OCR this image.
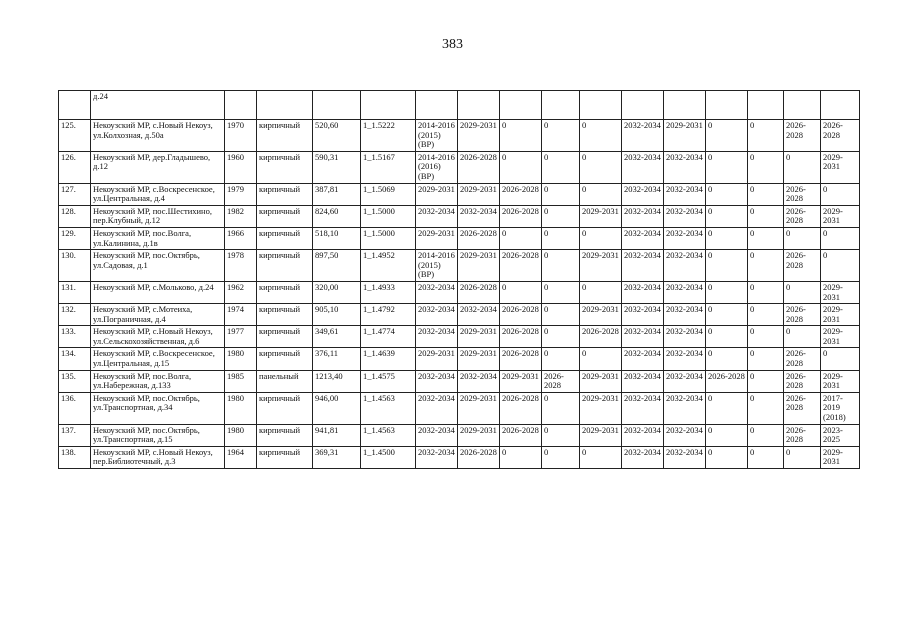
383
	д.24															
125.	Некоузский МР, с.Новый Некоуз, ул.Колхозная, д.50а	1970	кирпичный	520,60	1_1.5222	2014-2016 (2015) (ВР)	2029-2031	0	0	0	2032-2034	2029-2031	0	0	2026-2028	2026-2028
126.	Некоузский МР, дер.Гладышево, д.12	1960	кирпичный	590,31	1_1.5167	2014-2016 (2016) (ВР)	2026-2028	0	0	0	2032-2034	2032-2034	0	0	0	2029-2031
127.	Некоузский МР, с.Воскресенское, ул.Центральная, д.4	1979	кирпичный	387,81	1_1.5069	2029-2031	2029-2031	2026-2028	0	0	2032-2034	2032-2034	0	0	2026-2028	0
128.	Некоузский МР, пос.Шестихино, пер.Клубный, д.12	1982	кирпичный	824,60	1_1.5000	2032-2034	2032-2034	2026-2028	0	2029-2031	2032-2034	2032-2034	0	0	2026-2028	2029-2031
129.	Некоузский МР, пос.Волга, ул.Калинина, д.1в	1966	кирпичный	518,10	1_1.5000	2029-2031	2026-2028	0	0	0	2032-2034	2032-2034	0	0	0	0
130.	Некоузский МР, пос.Октябрь, ул.Садовая, д.1	1978	кирпичный	897,50	1_1.4952	2014-2016 (2015) (ВР)	2029-2031	2026-2028	0	2029-2031	2032-2034	2032-2034	0	0	2026-2028	0
131.	Некоузский МР, с.Мольково, д.24	1962	кирпичный	320,00	1_1.4933	2032-2034	2026-2028	0	0	0	2032-2034	2032-2034	0	0	0	2029-2031
132.	Некоузский МР, с.Мотеиха, ул.Пограничная, д.4	1974	кирпичный	905,10	1_1.4792	2032-2034	2032-2034	2026-2028	0	2029-2031	2032-2034	2032-2034	0	0	2026-2028	2029-2031
133.	Некоузский МР, с.Новый Некоуз, ул.Сельскохозяйственная, д.6	1977	кирпичный	349,61	1_1.4774	2032-2034	2029-2031	2026-2028	0	2026-2028	2032-2034	2032-2034	0	0	0	2029-2031
134.	Некоузский МР, с.Воскресенское, ул.Центральная, д.15	1980	кирпичный	376,11	1_1.4639	2029-2031	2029-2031	2026-2028	0	0	2032-2034	2032-2034	0	0	2026-2028	0
135.	Некоузский МР, пос.Волга, ул.Набережная, д.133	1985	панельный	1213,40	1_1.4575	2032-2034	2032-2034	2029-2031	2026-2028	2029-2031	2032-2034	2032-2034	2026-2028	0	2026-2028	2029-2031
136.	Некоузский МР, пос.Октябрь, ул.Транспортная, д.34	1980	кирпичный	946,00	1_1.4563	2032-2034	2029-2031	2026-2028	0	2029-2031	2032-2034	2032-2034	0	0	2026-2028	2017-2019 (2018)
137.	Некоузский МР, пос.Октябрь, ул.Транспортная, д.15	1980	кирпичный	941,81	1_1.4563	2032-2034	2029-2031	2026-2028	0	2029-2031	2032-2034	2032-2034	0	0	2026-2028	2023-2025
138.	Некоузский МР, с.Новый Некоуз, пер.Библиотечный, д.3	1964	кирпичный	369,31	1_1.4500	2032-2034	2026-2028	0	0	0	2032-2034	2032-2034	0	0	0	2029-2031
